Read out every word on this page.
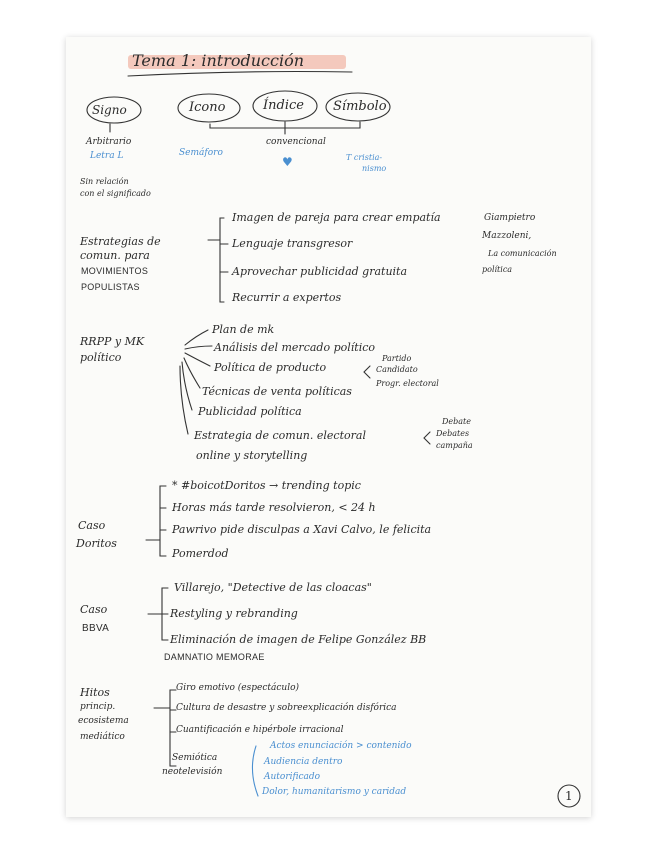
Tema 1: introducción
Signo	Icono	Índice Símbolo
Arbitrario
Letra L
Sin relación
con el significado
Semáforo
convencional
♥	T cristia-
nismo
Estrategias de
comun. para
MOVIMIENTOS
POPULISTAS
Imagen de pareja para crear empatía
Lenguaje transgresor
Aprovechar publicidad gratuita
Recurrir a expertos
Giampietro
Mazzoleni,
La comunicación
política
RRPP y MK
político
Plan de mk
Análisis del mercado político
Política de producto
Técnicas de venta políticas
Publicidad política
Estrategia de comun. electoral
online y storytelling
Partido
Candidato
Progr. electoral
Debate
Debates
campaña
Caso
Doritos
* #boicotDoritos → trending topic
Horas más tarde resolvieron, < 24 h
Pawrivo pide disculpas a Xavi Calvo, le felicita
Pomerdod
Caso
BBVA
Villarejo, "Detective de las cloacas"
Restyling y rebranding
Eliminación de imagen de Felipe González BB
DAMNATIO MEMORAE
Hitos
princip.
ecosistema
mediático
Giro emotivo (espectáculo)
Cultura de desastre y sobreexplicación disfórica
Cuantificación e hipérbole irracional
Semiótica
neotelevisión
Actos enunciación > contenido
Audiencia dentro
Autorificado
Dolor, humanitarismo y caridad	1
